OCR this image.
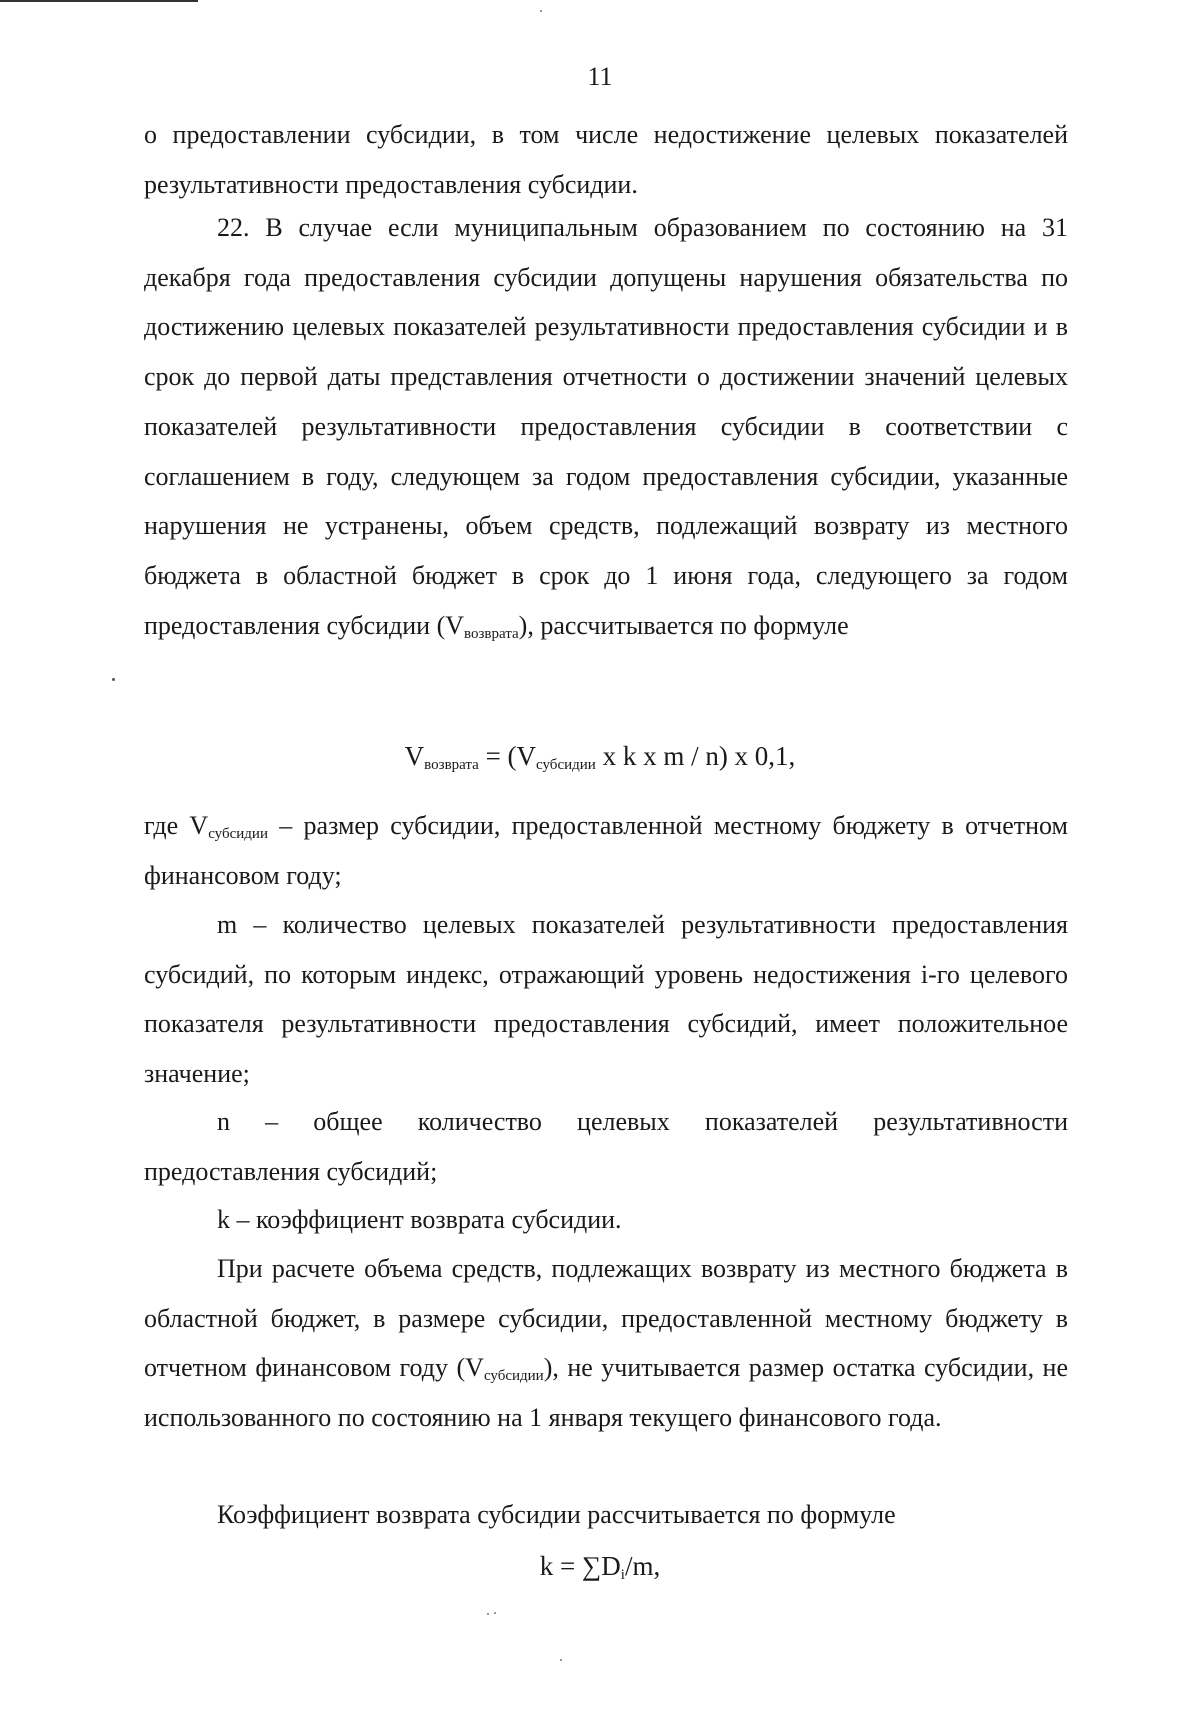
11

о предоставлении субсидии, в том числе недостижение целевых показателей результативности предоставления субсидии.

22. В случае если муниципальным образованием по состоянию на 31 декабря года предоставления субсидии допущены нарушения обязательства по достижению целевых показателей результативности предоставления субсидии и в срок до первой даты представления отчетности о достижении значений целевых показателей результативности предоставления субсидии в соответствии с соглашением в году, следующем за годом предоставления субсидии, указанные нарушения не устранены, объем средств, подлежащий возврату из местного бюджета в областной бюджет в срок до 1 июня года, следующего за годом предоставления субсидии $(V_{возврата})$, рассчитывается по формуле

$V_{возврата} = (V_{субсидии}$ x k x m / n) x 0,1,

где $V_{субсидии}$ – размер субсидии, предоставленной местному бюджету в отчетном финансовом году;

m – количество целевых показателей результативности предоставления субсидий, по которым индекс, отражающий уровень недостижения i-го целевого показателя результативности предоставления субсидий, имеет положительное значение;

n – общее количество целевых показателей результативности предоставления субсидий;

k – коэффициент возврата субсидии.

При расчете объема средств, подлежащих возврату из местного бюджета в областной бюджет, в размере субсидии, предоставленной местному бюджету в отчетном финансовом году $(V_{субсидии})$, не учитывается размер остатка субсидии, не использованного по состоянию на 1 января текущего финансового года.

Коэффициент возврата субсидии рассчитывается по формуле

$k = \sum D_i/m$,
